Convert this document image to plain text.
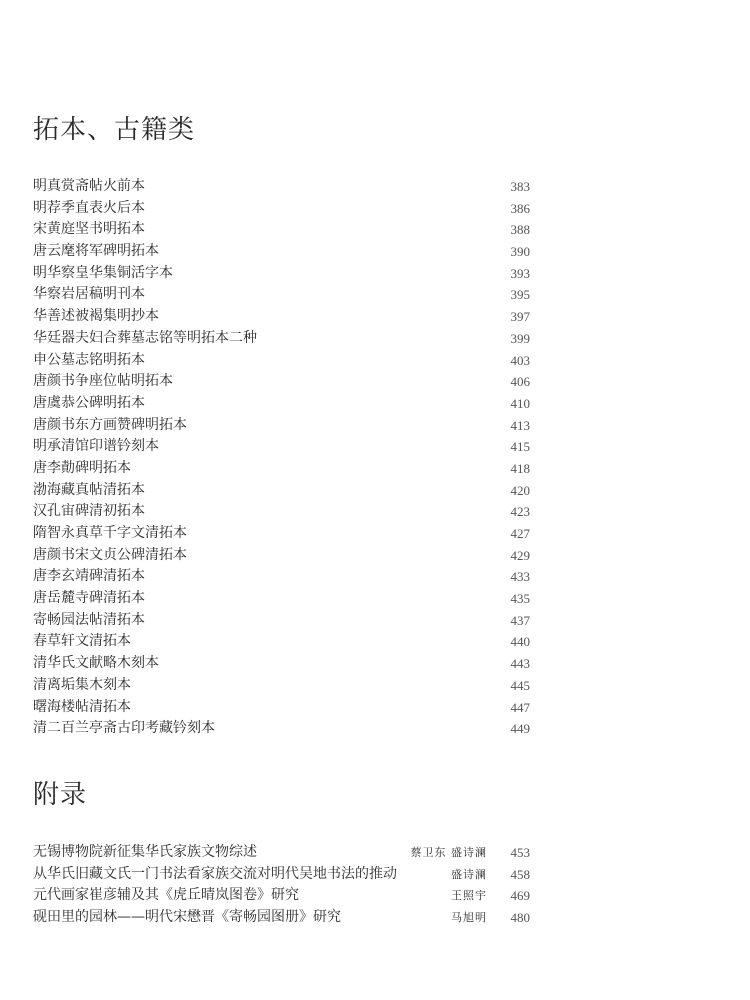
拓本、古籍类
明真赏斋帖火前本	383
明荐季直表火后本	386
宋黄庭坚书明拓本	388
唐云麾将军碑明拓本	390
明华察皇华集铜活字本	393
华察岩居稿明刊本	395
华善述被褐集明抄本	397
华廷器夫妇合葬墓志铭等明拓本二种	399
申公墓志铭明拓本	403
唐颜书争座位帖明拓本	406
唐虞恭公碑明拓本	410
唐颜书东方画赞碑明拓本	413
明承清馆印谱钤刻本	415
唐李勣碑明拓本	418
渤海藏真帖清拓本	420
汉孔宙碑清初拓本	423
隋智永真草千字文清拓本	427
唐颜书宋文贞公碑清拓本	429
唐李玄靖碑清拓本	433
唐岳麓寺碑清拓本	435
寄畅园法帖清拓本	437
春草轩文清拓本	440
清华氏文献略木刻本	443
清离垢集木刻本	445
曙海楼帖清拓本	447
清二百兰亭斋古印考藏钤刻本	449
附录
无锡博物院新征集华氏家族文物综述	蔡卫东 盛诗澜 453
从华氏旧藏文氏一门书法看家族交流对明代吴地书法的推动	盛诗澜 458
元代画家崔彦辅及其《虎丘晴岚图卷》研究	王照宇 469
砚田里的园林——明代宋懋晋《寄畅园图册》研究	马旭明 480
